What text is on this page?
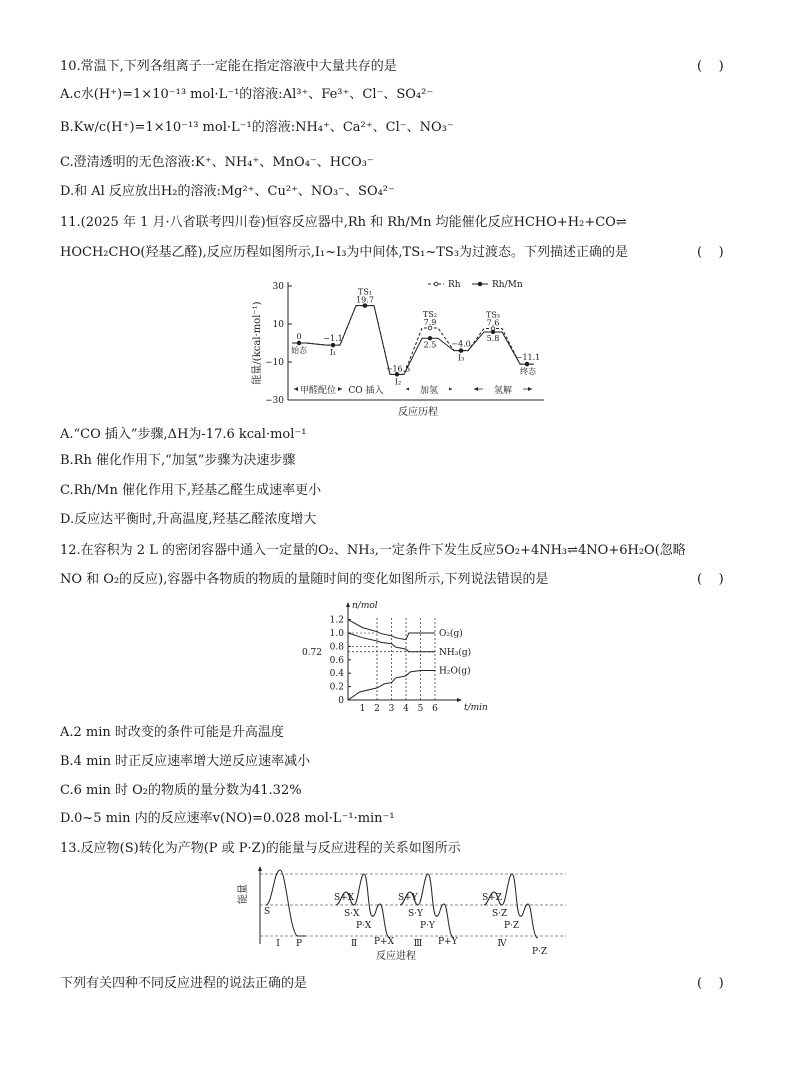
10.常温下,下列各组离子一定能在指定溶液中大量共存的是	(    )
A.c水(H⁺)=1×10⁻¹³ mol·L⁻¹的溶液:Al³⁺、Fe³⁺、Cl⁻、SO₄²⁻
B.Kw/c(H⁺)=1×10⁻¹³ mol·L⁻¹的溶液:NH₄⁺、Ca²⁺、Cl⁻、NO₃⁻
C.澄清透明的无色溶液:K⁺、NH₄⁺、MnO₄⁻、HCO₃⁻
D.和 Al 反应放出H₂的溶液:Mg²⁺、Cu²⁺、NO₃⁻、SO₄²⁻
11.(2025 年 1 月·八省联考四川卷)恒容反应器中,Rh 和 Rh/Mn 均能催化反应HCHO+H₂+CO⇌
HOCH₂CHO(羟基乙醛),反应历程如图所示,I₁~I₃为中间体,TS₁~TS₃为过渡态。下列描述正确的是	(    )
30
10
−10
−30
能量/(kcal·mol⁻¹)
反应历程
0
始态
−1.1
I₁
TS₁
19.7
−16.5
I₂
TS₂
7.9
2.5 −4.0
I₃
TS₃
7.6
5.8
−11.1
终态
Rh	Rh/Mn
甲醛配位 CO 插入	加氢	氢解
A.“CO 插入”步骤,ΔH为-17.6 kcal·mol⁻¹
B.Rh 催化作用下,“加氢”步骤为决速步骤
C.Rh/Mn 催化作用下,羟基乙醛生成速率更小
D.反应达平衡时,升高温度,羟基乙醛浓度增大
12.在容积为 2 L 的密闭容器中通入一定量的O₂、NH₃,一定条件下发生反应5O₂+4NH₃⇌4NO+6H₂O(忽略
NO 和 O₂的反应),容器中各物质的物质的量随时间的变化如图所示,下列说法错误的是	(    )
n/mol
t/min
1.2
1.0
0.8
0.6
0.4
0.2
0
0.72
1 2 3 4 5 6
O₂(g)
NH₃(g)
H₂O(g)
A.2 min 时改变的条件可能是升高温度
B.4 min 时正反应速率增大逆反应速率减小
C.6 min 时 O₂的物质的量分数为41.32%
D.0~5 min 内的反应速率v(NO)=0.028 mol·L⁻¹·min⁻¹
13.反应物(S)转化为产物(P 或 P·Z)的能量与反应进程的关系如图所示
能量
反应进程
S
P
Ⅰ
S+X
S·X
P·X
P+X
Ⅱ
S+Y
S·Y
P·Y
P+Y
Ⅲ
S+Z
S·Z
P·Z
Ⅳ
P·Z
下列有关四种不同反应进程的说法正确的是	(    )
